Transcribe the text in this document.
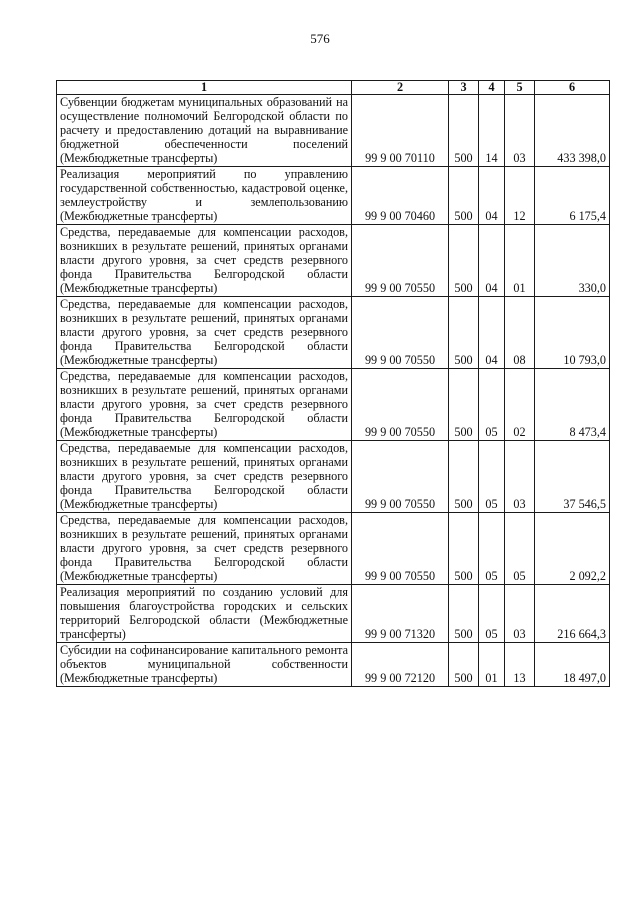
576
1	2	3	4	5	6
Субвенции бюджетам муниципальных образований на осуществление полномочий Белгородской области по расчету и предоставлению дотаций на выравнивание бюджетной обеспеченности поселений (Межбюджетные трансферты)	99 9 00 70110	500	14	03	433 398,0
Реализация мероприятий по управлению государственной собственностью, кадастровой оценке, землеустройству и землепользованию (Межбюджетные трансферты)	99 9 00 70460	500	04	12	6 175,4
Средства, передаваемые для компенсации расходов, возникших в результате решений, принятых органами власти другого уровня, за счет средств резервного фонда Правительства Белгородской области (Межбюджетные трансферты)	99 9 00 70550	500	04	01	330,0
Средства, передаваемые для компенсации расходов, возникших в результате решений, принятых органами власти другого уровня, за счет средств резервного фонда Правительства Белгородской области (Межбюджетные трансферты)	99 9 00 70550	500	04	08	10 793,0
Средства, передаваемые для компенсации расходов, возникших в результате решений, принятых органами власти другого уровня, за счет средств резервного фонда Правительства Белгородской области (Межбюджетные трансферты)	99 9 00 70550	500	05	02	8 473,4
Средства, передаваемые для компенсации расходов, возникших в результате решений, принятых органами власти другого уровня, за счет средств резервного фонда Правительства Белгородской области (Межбюджетные трансферты)	99 9 00 70550	500	05	03	37 546,5
Средства, передаваемые для компенсации расходов, возникших в результате решений, принятых органами власти другого уровня, за счет средств резервного фонда Правительства Белгородской области (Межбюджетные трансферты)	99 9 00 70550	500	05	05	2 092,2
Реализация мероприятий по созданию условий для повышения благоустройства городских и сельских территорий Белгородской области (Межбюджетные трансферты)	99 9 00 71320	500	05	03	216 664,3
Субсидии на софинансирование капитального ремонта объектов муниципальной собственности (Межбюджетные трансферты)	99 9 00 72120	500	01	13	18 497,0
